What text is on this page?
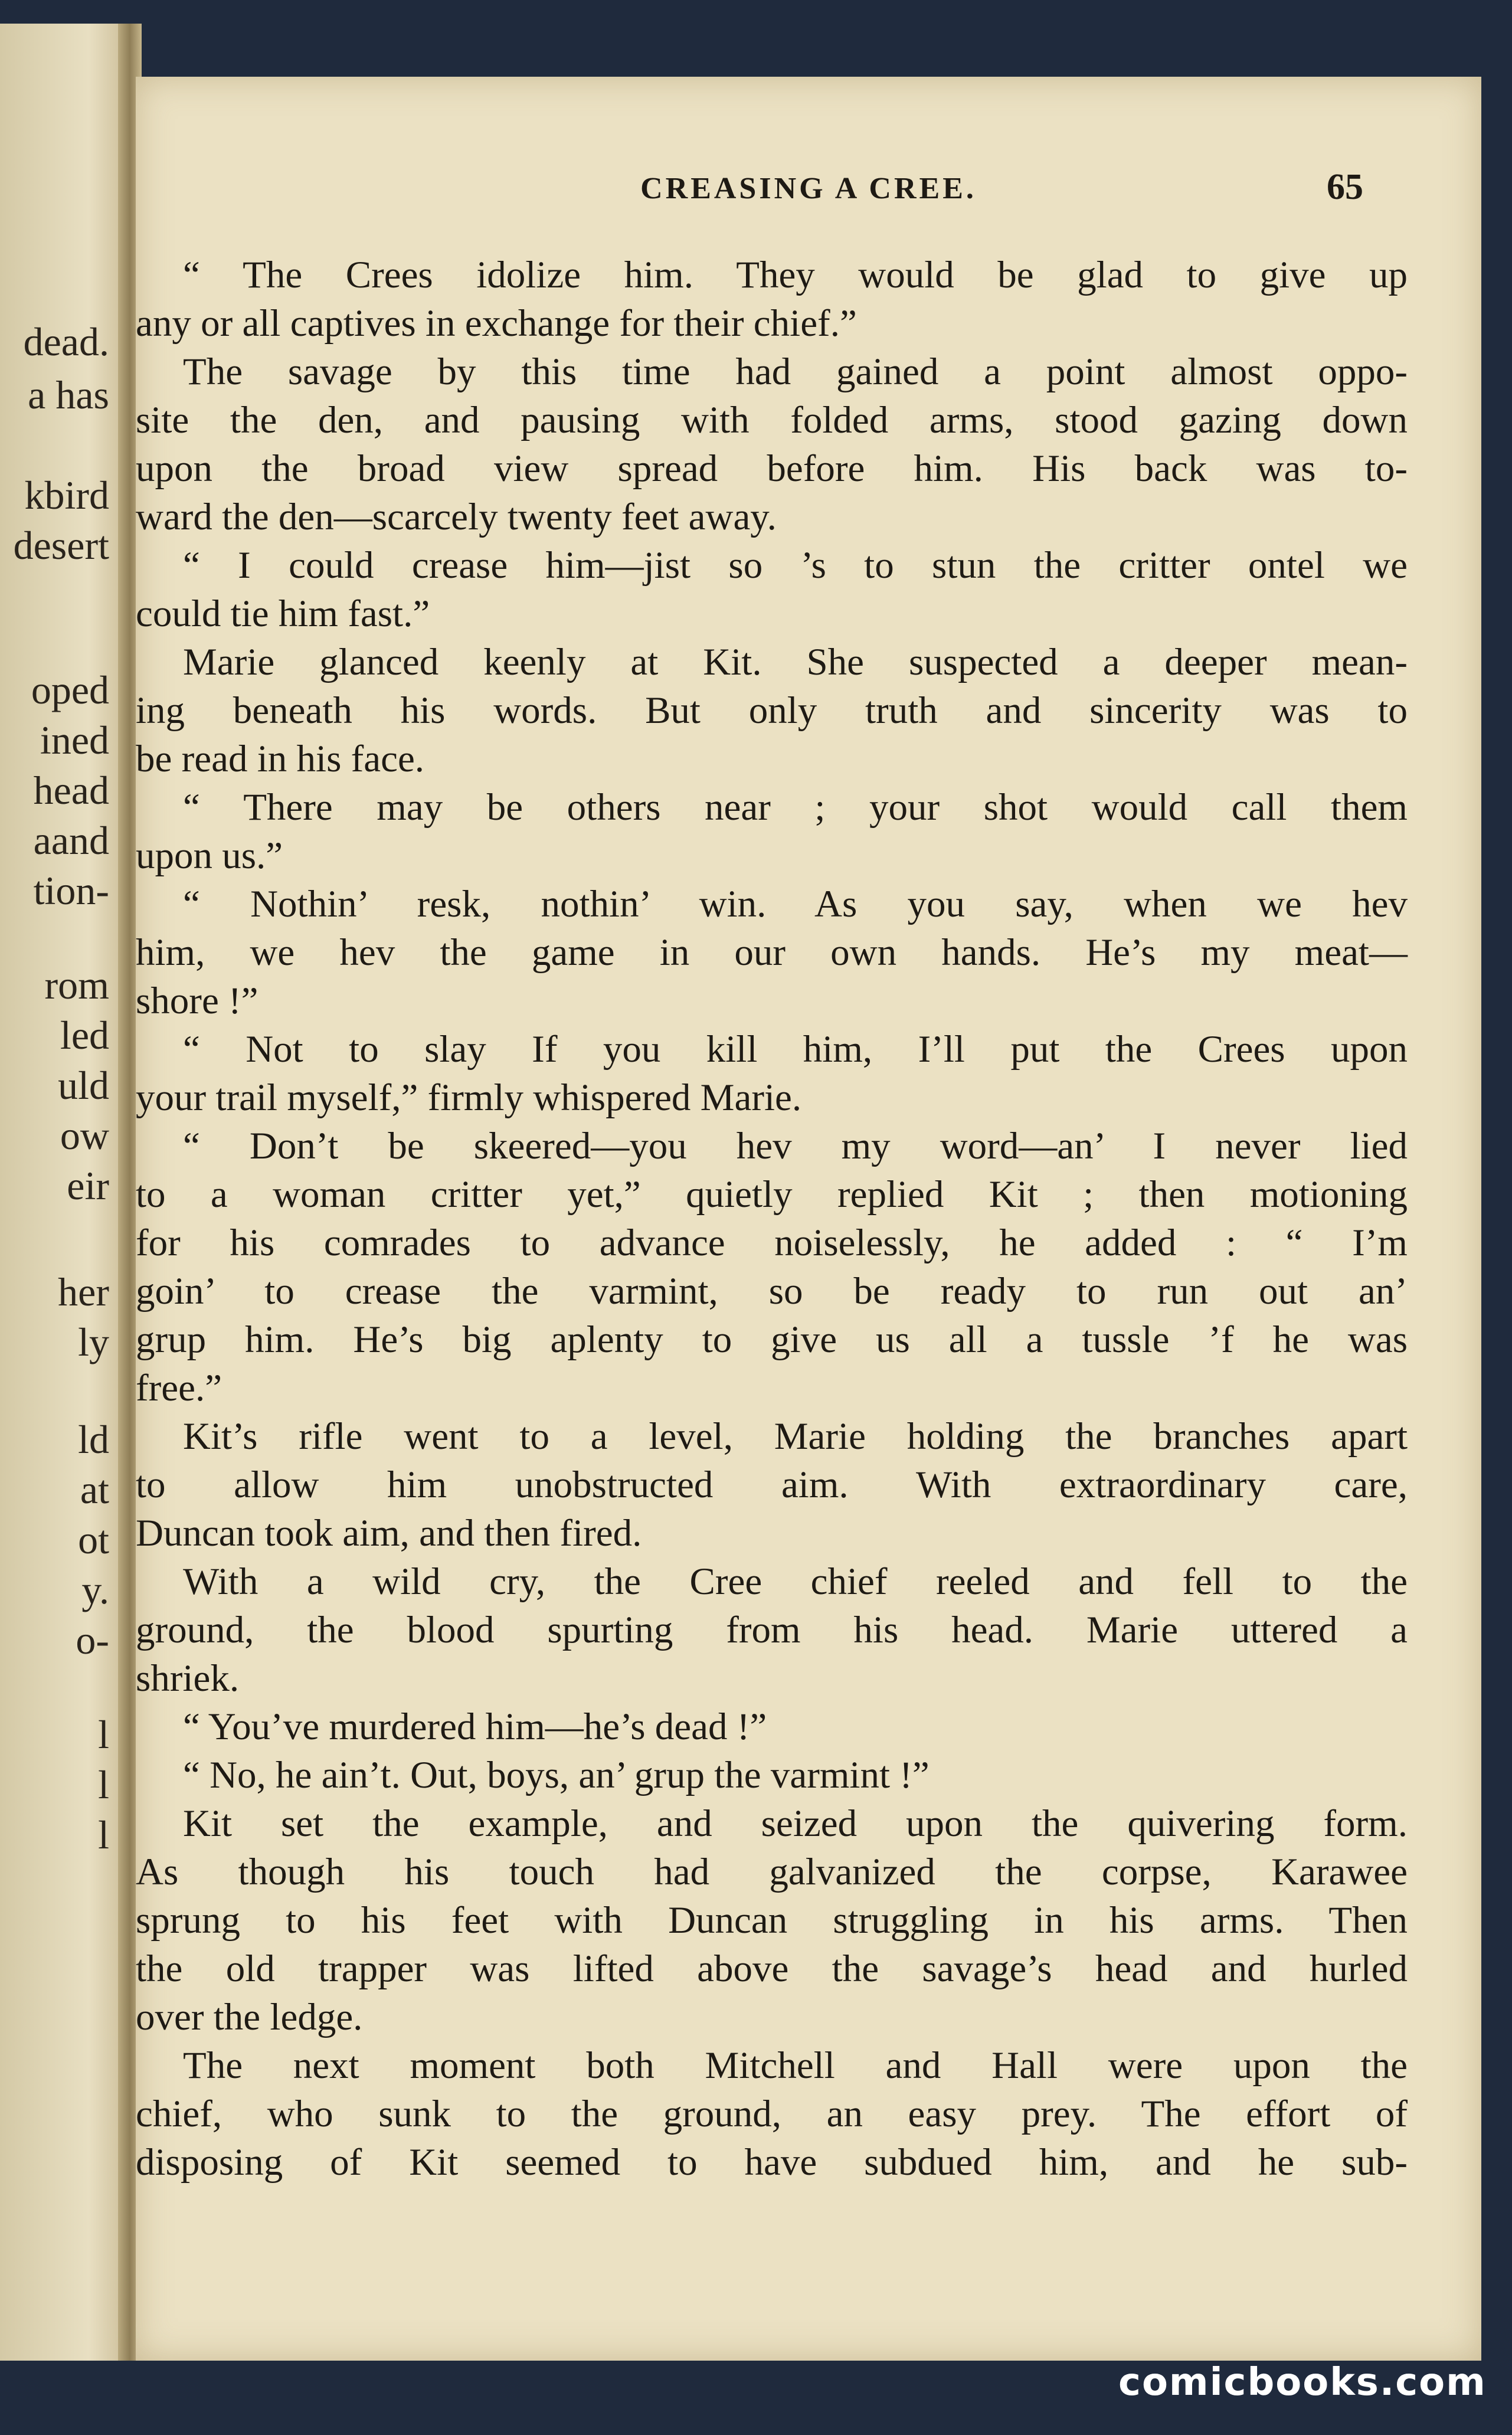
dead.
a has
kbird
desert
oped
ined
head
aand
tion-
rom
led
uld
ow
eir
her
ly
ld
at
ot
y.
o-
l
l
l
CREASING A CREE.	65
“ The Crees idolize him. They would be glad to give up
any or all captives in exchange for their chief.”
The savage by this time had gained a point almost oppo-
site the den, and pausing with folded arms, stood gazing down
upon the broad view spread before him. His back was to-
ward the den—scarcely twenty feet away.
“ I could crease him—jist so ’s to stun the critter ontel we
could tie him fast.”
Marie glanced keenly at Kit. She suspected a deeper mean-
ing beneath his words. But only truth and sincerity was to
be read in his face.
“ There may be others near ; your shot would call them
upon us.”
“ Nothin’ resk, nothin’ win. As you say, when we hev
him, we hev the game in our own hands. He’s my meat—
shore !”
“ Not to slay If you kill him, I’ll put the Crees upon
your trail myself,” firmly whispered Marie.
“ Don’t be skeered—you hev my word—an’ I never lied
to a woman critter yet,” quietly replied Kit ; then motioning
for his comrades to advance noiselessly, he added : “ I’m
goin’ to crease the varmint, so be ready to run out an’
grup him. He’s big aplenty to give us all a tussle ’f he was
free.”
Kit’s rifle went to a level, Marie holding the branches apart
to allow him unobstructed aim. With extraordinary care,
Duncan took aim, and then fired.
With a wild cry, the Cree chief reeled and fell to the
ground, the blood spurting from his head. Marie uttered a
shriek.
“ You’ve murdered him—he’s dead !”
“ No, he ain’t. Out, boys, an’ grup the varmint !”
Kit set the example, and seized upon the quivering form.
As though his touch had galvanized the corpse, Karawee
sprung to his feet with Duncan struggling in his arms. Then
the old trapper was lifted above the savage’s head and hurled
over the ledge.
The next moment both Mitchell and Hall were upon the
chief, who sunk to the ground, an easy prey. The effort of
disposing of Kit seemed to have subdued him, and he sub-
comicbooks.com
